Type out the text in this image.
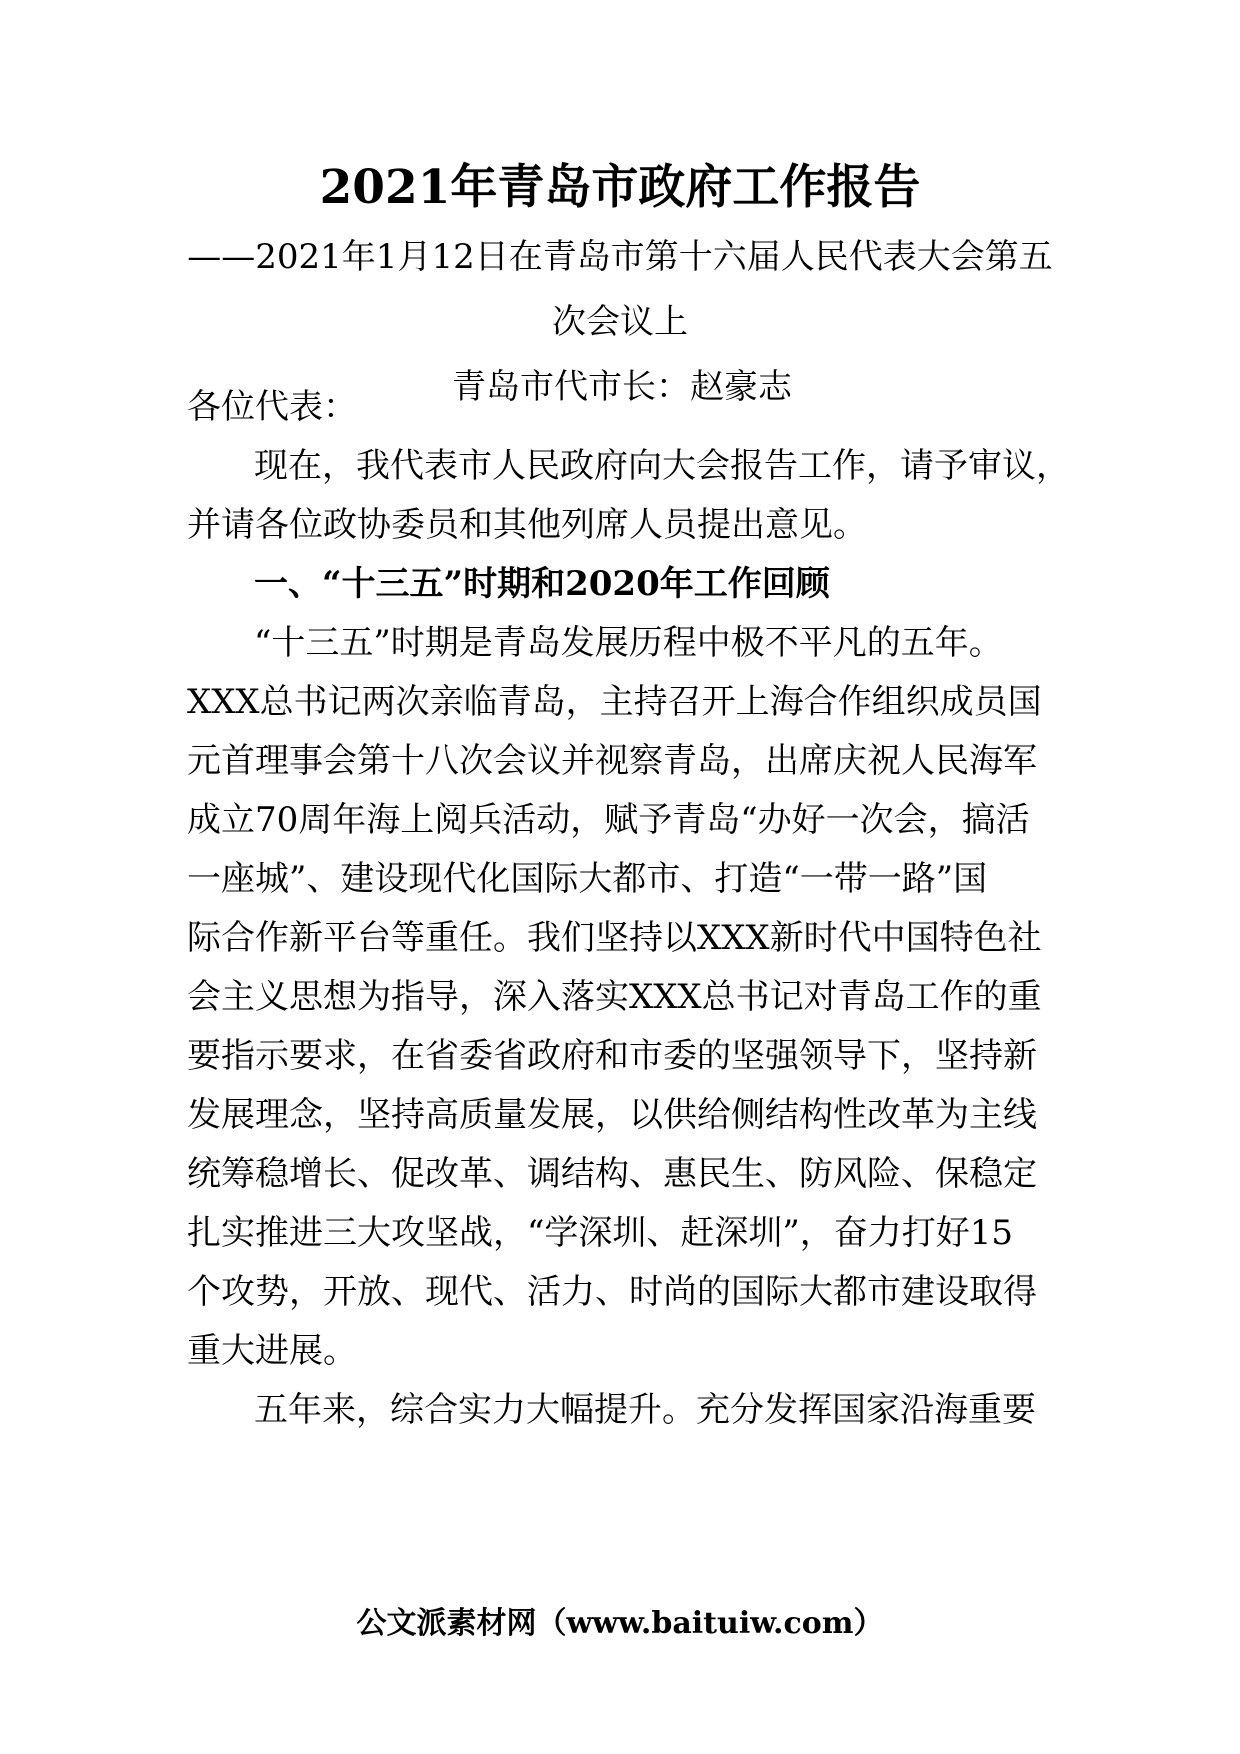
2021年青岛市政府工作报告
——2021年1月12日在青岛市第十六届人民代表大会第五
次会议上
青岛市代市长：赵豪志
各位代表：
现在，我代表市人民政府向大会报告工作，请予审议，
并请各位政协委员和其他列席人员提出意见。
一、“十三五”时期和2020年工作回顾
“十三五”时期是青岛发展历程中极不平凡的五年。
XXX总书记两次亲临青岛，主持召开上海合作组织成员国
元首理事会第十八次会议并视察青岛，出席庆祝人民海军
成立70周年海上阅兵活动，赋予青岛“办好一次会，搞活
一座城”、建设现代化国际大都市、打造“一带一路”国
际合作新平台等重任。我们坚持以XXX新时代中国特色社
会主义思想为指导，深入落实XXX总书记对青岛工作的重
要指示要求，在省委省政府和市委的坚强领导下，坚持新
发展理念，坚持高质量发展，以供给侧结构性改革为主线
统筹稳增长、促改革、调结构、惠民生、防风险、保稳定
扎实推进三大攻坚战，“学深圳、赶深圳”，奋力打好15
个攻势，开放、现代、活力、时尚的国际大都市建设取得
重大进展。
五年来，综合实力大幅提升。充分发挥国家沿海重要
公文派素材网（www.baituiw.com）
